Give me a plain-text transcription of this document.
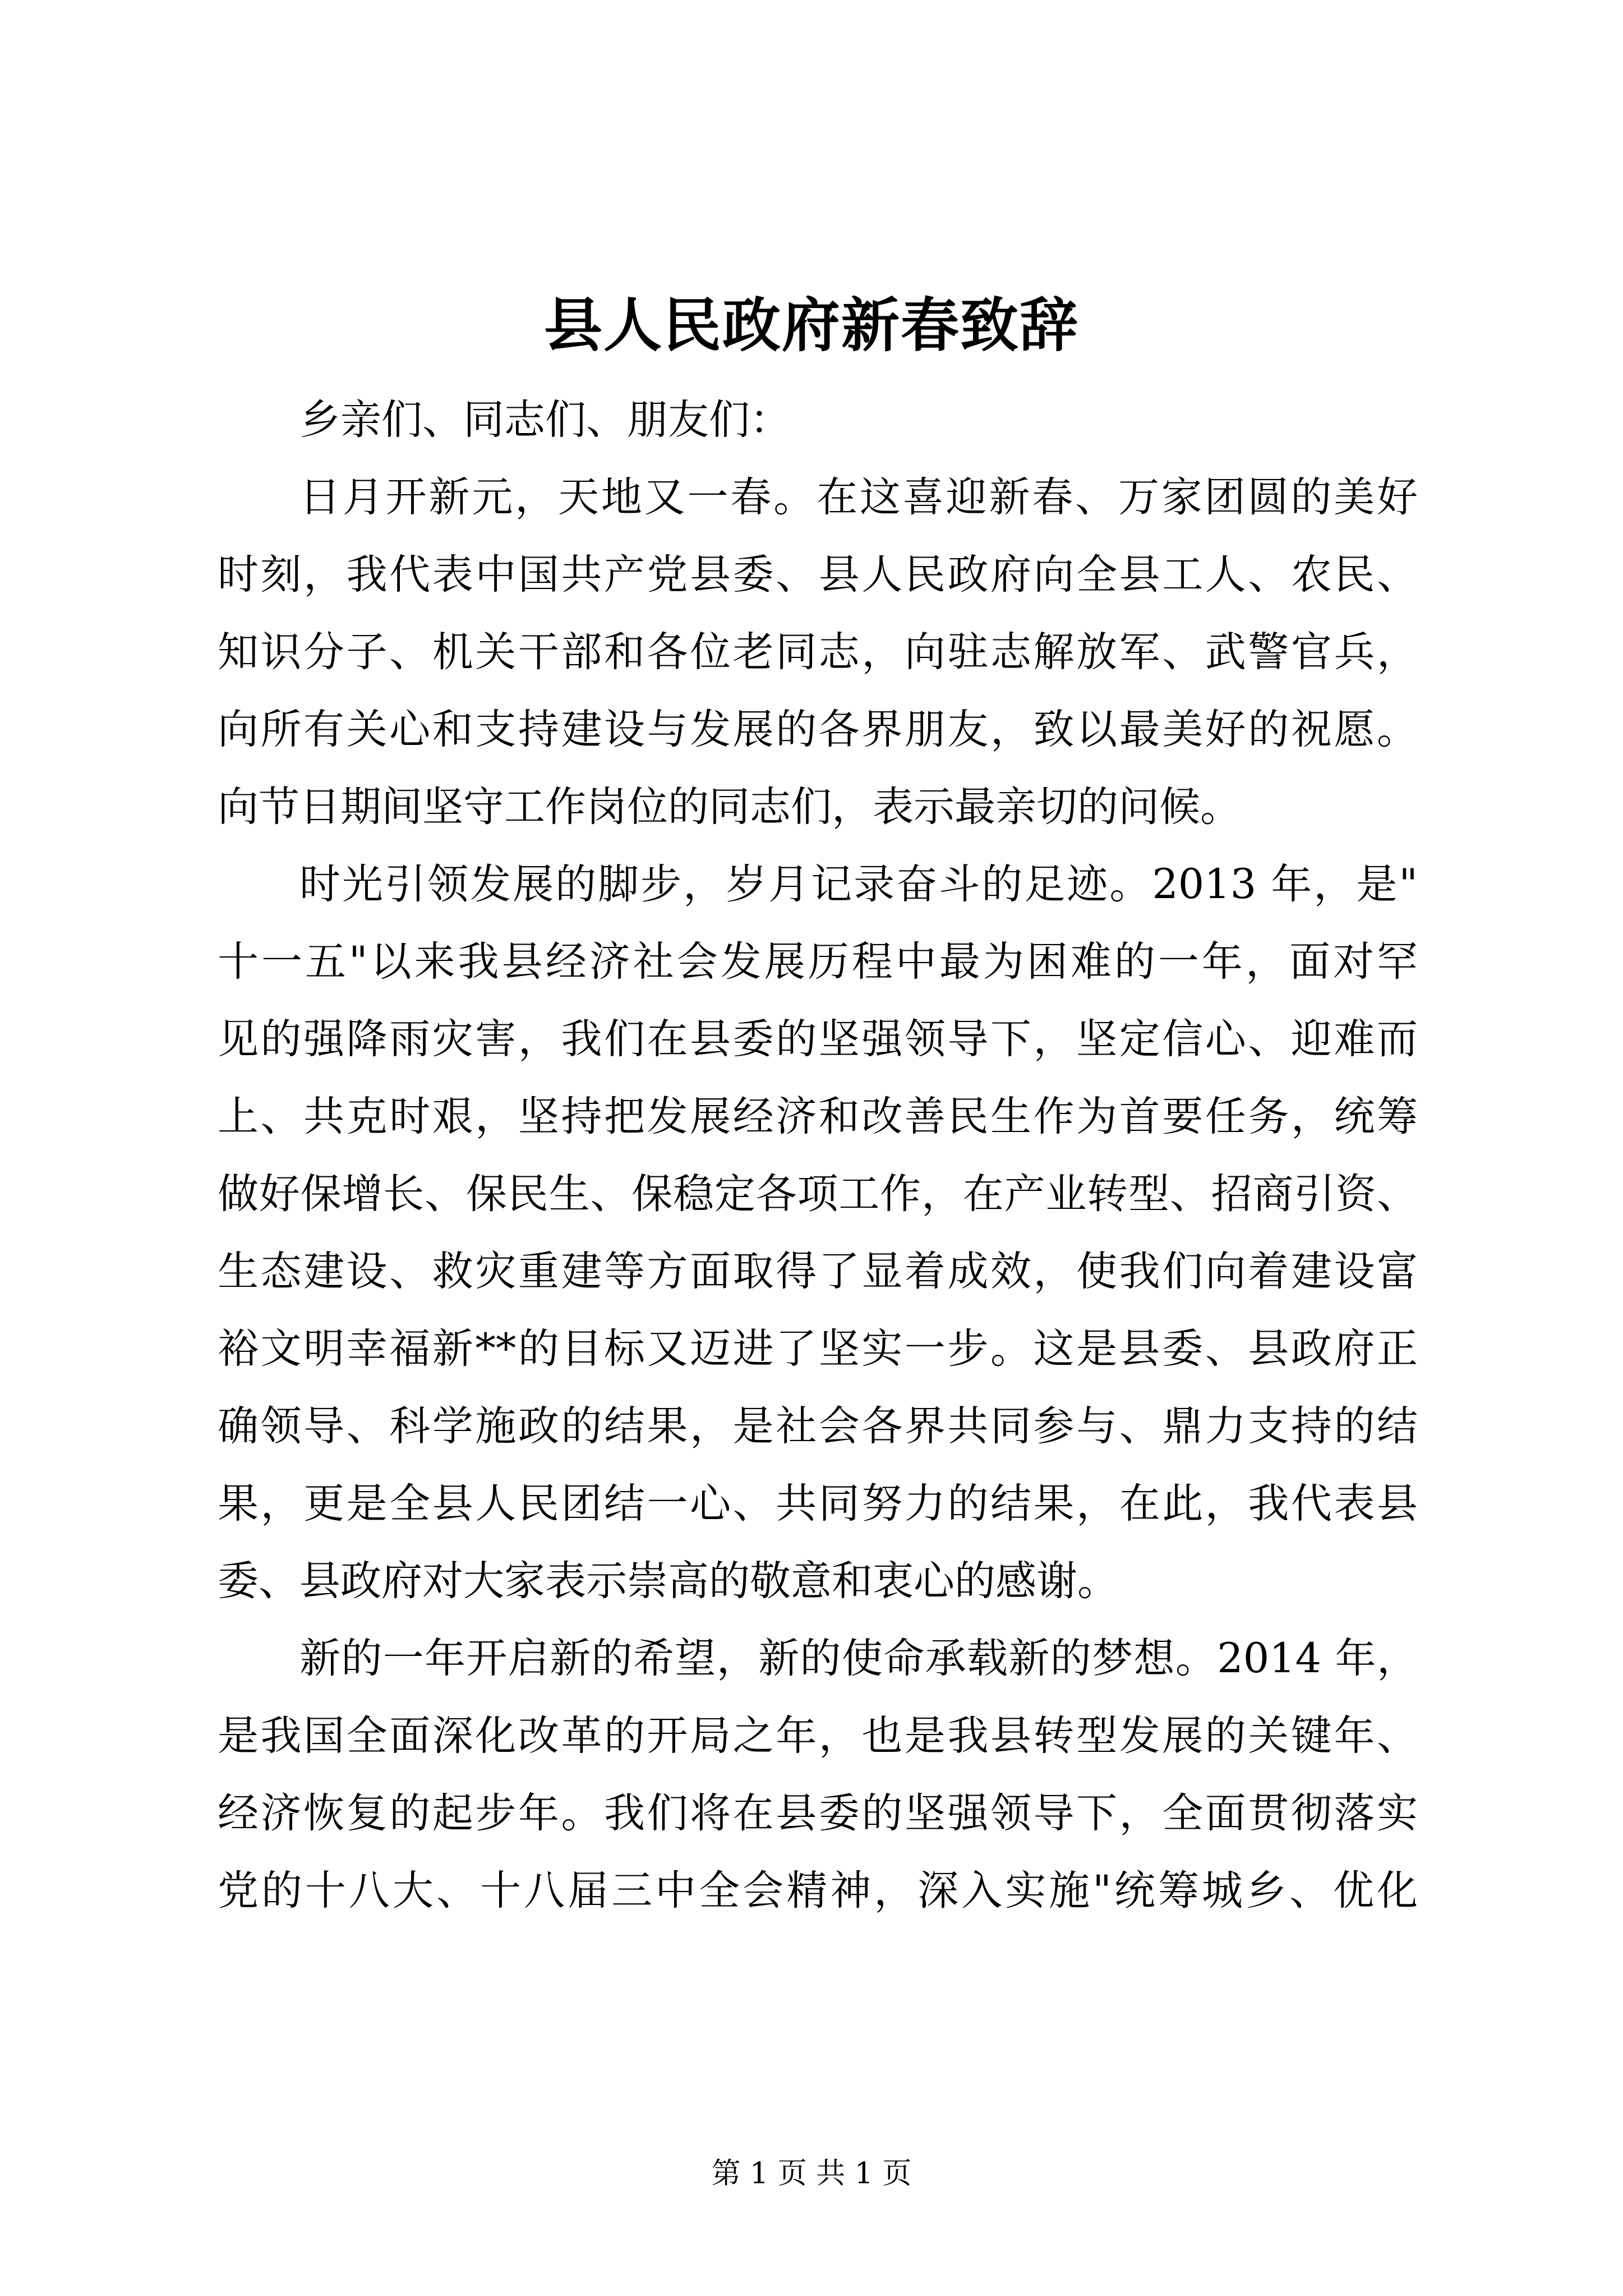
县人民政府新春致辞
乡亲们、同志们、朋友们：
日月开新元，天地又一春。在这喜迎新春、万家团圆的美好
时刻，我代表中国共产党县委、县人民政府向全县工人、农民、
知识分子、机关干部和各位老同志，向驻志解放军、武警官兵，
向所有关心和支持建设与发展的各界朋友，致以最美好的祝愿。
向节日期间坚守工作岗位的同志们，表示最亲切的问候。
时光引领发展的脚步，岁月记录奋斗的足迹。2013 年，是"
十一五"以来我县经济社会发展历程中最为困难的一年，面对罕
见的强降雨灾害，我们在县委的坚强领导下，坚定信心、迎难而
上、共克时艰，坚持把发展经济和改善民生作为首要任务，统筹
做好保增长、保民生、保稳定各项工作，在产业转型、招商引资、
生态建设、救灾重建等方面取得了显着成效，使我们向着建设富
裕文明幸福新**的目标又迈进了坚实一步。这是县委、县政府正
确领导、科学施政的结果，是社会各界共同参与、鼎力支持的结
果，更是全县人民团结一心、共同努力的结果，在此，我代表县
委、县政府对大家表示崇高的敬意和衷心的感谢。
新的一年开启新的希望，新的使命承载新的梦想。2014 年，
是我国全面深化改革的开局之年，也是我县转型发展的关键年、
经济恢复的起步年。我们将在县委的坚强领导下，全面贯彻落实
党的十八大、十八届三中全会精神，深入实施"统筹城乡、优化
第 1 页 共 1 页
